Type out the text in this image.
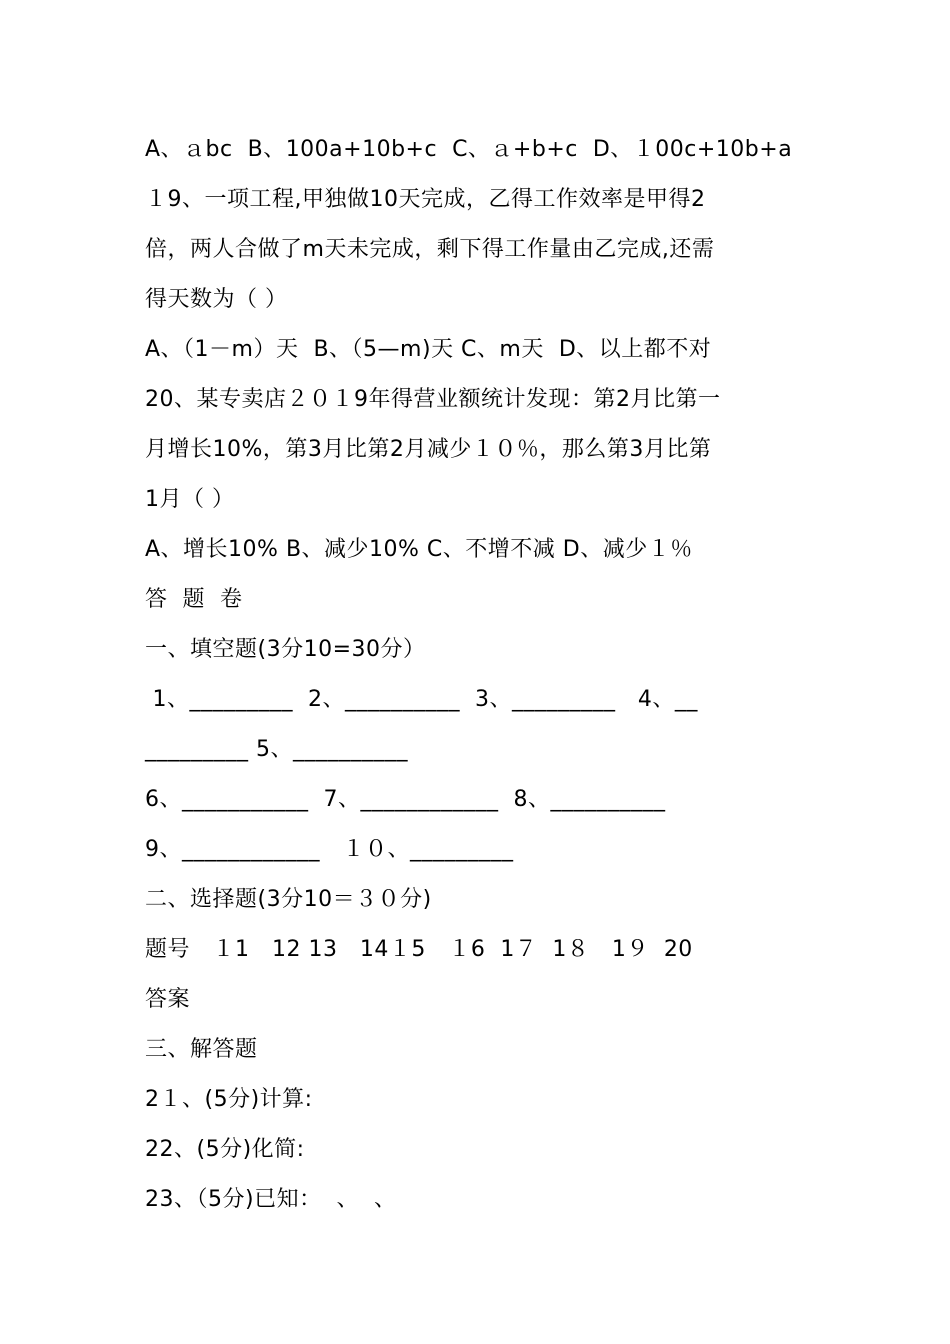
A、ａbc  B、100a+10b+c  C、ａ+b+c  D、１00c+10b+a
１9、一项工程,甲独做10天完成，乙得工作效率是甲得2
倍，两人合做了m天未完成，剩下得工作量由乙完成,还需
得天数为（ ）
A、（1－m）天  B、（5—m)天 C、m天  D、以上都不对
20、某专卖店２０１9年得营业额统计发现：第2月比第一
月增长10%，第3月比第2月减少１０％，那么第3月比第
1月（ ）
A、增长10% B、减少10% C、不增不减 D、减少１％
答  题  卷
一、填空题(3分10=30分）
1、_________  2、__________  3、_________   4、__
_________ 5、__________
6、___________  7、____________  8、__________
9、____________   １０、_________
二、选择题(3分10＝３０分)
题号   １1   12 13   14１5   １6  1７  1８   1９  20
答案
三、解答题
2１、(5分)计算:
22、(5分)化简:
23、（5分)已知：  、  、
